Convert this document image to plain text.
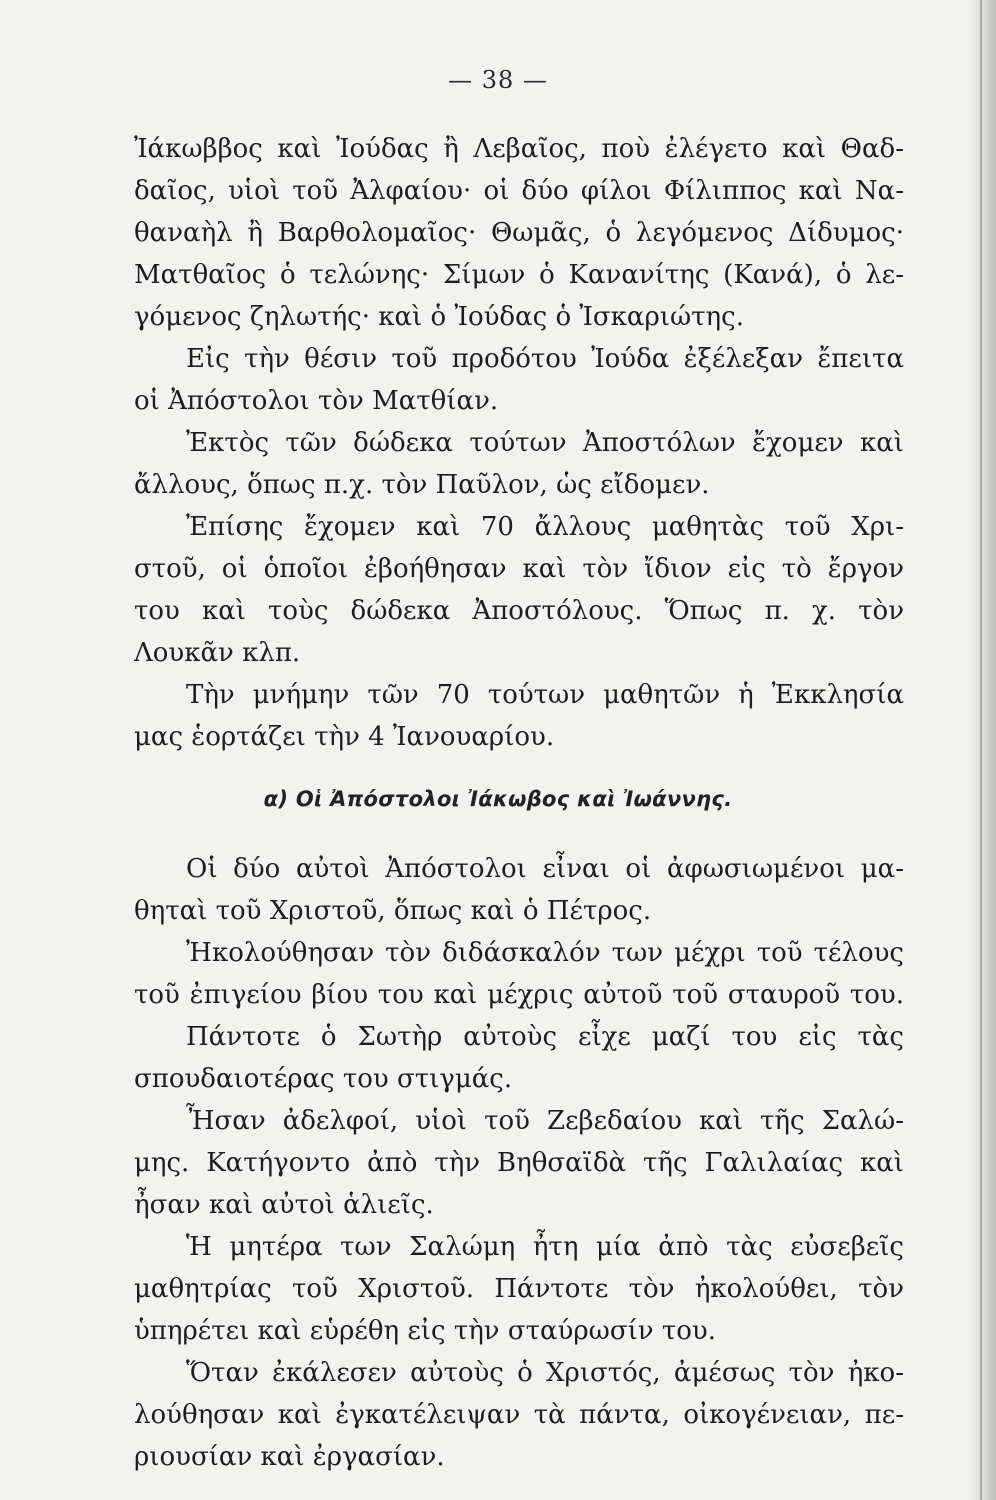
— 38 —
Ἰάκωββος καὶ Ἰούδας ἢ Λεβαῖος, ποὺ ἐλέγετο καὶ Θαδ-
δαῖος, υἱοὶ τοῦ Ἀλφαίου· οἱ δύο φίλοι Φίλιππος καὶ Να-
θαναὴλ ἢ Βαρθολομαῖος· Θωμᾶς, ὁ λεγόμενος Δίδυμος·
Ματθαῖος ὁ τελώνης· Σίμων ὁ Κανανίτης (Κανά), ὁ λε-
γόμενος ζηλωτής· καὶ ὁ Ἰούδας ὁ Ἰσκαριώτης.
Εἰς τὴν θέσιν τοῦ προδότου Ἰούδα ἐξέλεξαν ἔπειτα
οἱ Ἀπόστολοι τὸν Ματθίαν.
Ἐκτὸς τῶν δώδεκα τούτων Ἀποστόλων ἔχομεν καὶ
ἄλλους, ὅπως π.χ. τὸν Παῦλον, ὡς εἴδομεν.
Ἐπίσης ἔχομεν καὶ 70 ἄλλους μαθητὰς τοῦ Χρι-
στοῦ, οἱ ὁποῖοι ἐβοήθησαν καὶ τὸν ἴδιον εἰς τὸ ἔργον
του καὶ τοὺς δώδεκα Ἀποστόλους. Ὅπως π. χ. τὸν
Λουκᾶν κλπ.
Τὴν μνήμην τῶν 70 τούτων μαθητῶν ἡ Ἐκκλησία
μας ἑορτάζει τὴν 4 Ἰανουαρίου.
α) Οἱ Ἀπόστολοι Ἰάκωβος καὶ Ἰωάννης.
Οἱ δύο αὐτοὶ Ἀπόστολοι εἶναι οἱ ἀφωσιωμένοι μα-
θηταὶ τοῦ Χριστοῦ, ὅπως καὶ ὁ Πέτρος.
Ἠκολούθησαν τὸν διδάσκαλόν των μέχρι τοῦ τέλους
τοῦ ἐπιγείου βίου του καὶ μέχρις αὐτοῦ τοῦ σταυροῦ του.
Πάντοτε ὁ Σωτὴρ αὐτοὺς εἶχε μαζί του εἰς τὰς
σπουδαιοτέρας του στιγμάς.
Ἦσαν ἀδελφοί, υἱοὶ τοῦ Ζεβεδαίου καὶ τῆς Σαλώ-
μης. Κατήγοντο ἀπὸ τὴν Βηθσαϊδὰ τῆς Γαλιλαίας καὶ
ἦσαν καὶ αὐτοὶ ἁλιεῖς.
Ἡ μητέρα των Σαλώμη ἦτη μία ἀπὸ τὰς εὐσεβεῖς
μαθητρίας τοῦ Χριστοῦ. Πάντοτε τὸν ἠκολούθει, τὸν
ὑπηρέτει καὶ εὑρέθη εἰς τὴν σταύρωσίν του.
Ὅταν ἐκάλεσεν αὐτοὺς ὁ Χριστός, ἀμέσως τὸν ἠκο-
λούθησαν καὶ ἐγκατέλειψαν τὰ πάντα, οἰκογένειαν, πε-
ριουσίαν καὶ ἐργασίαν.
